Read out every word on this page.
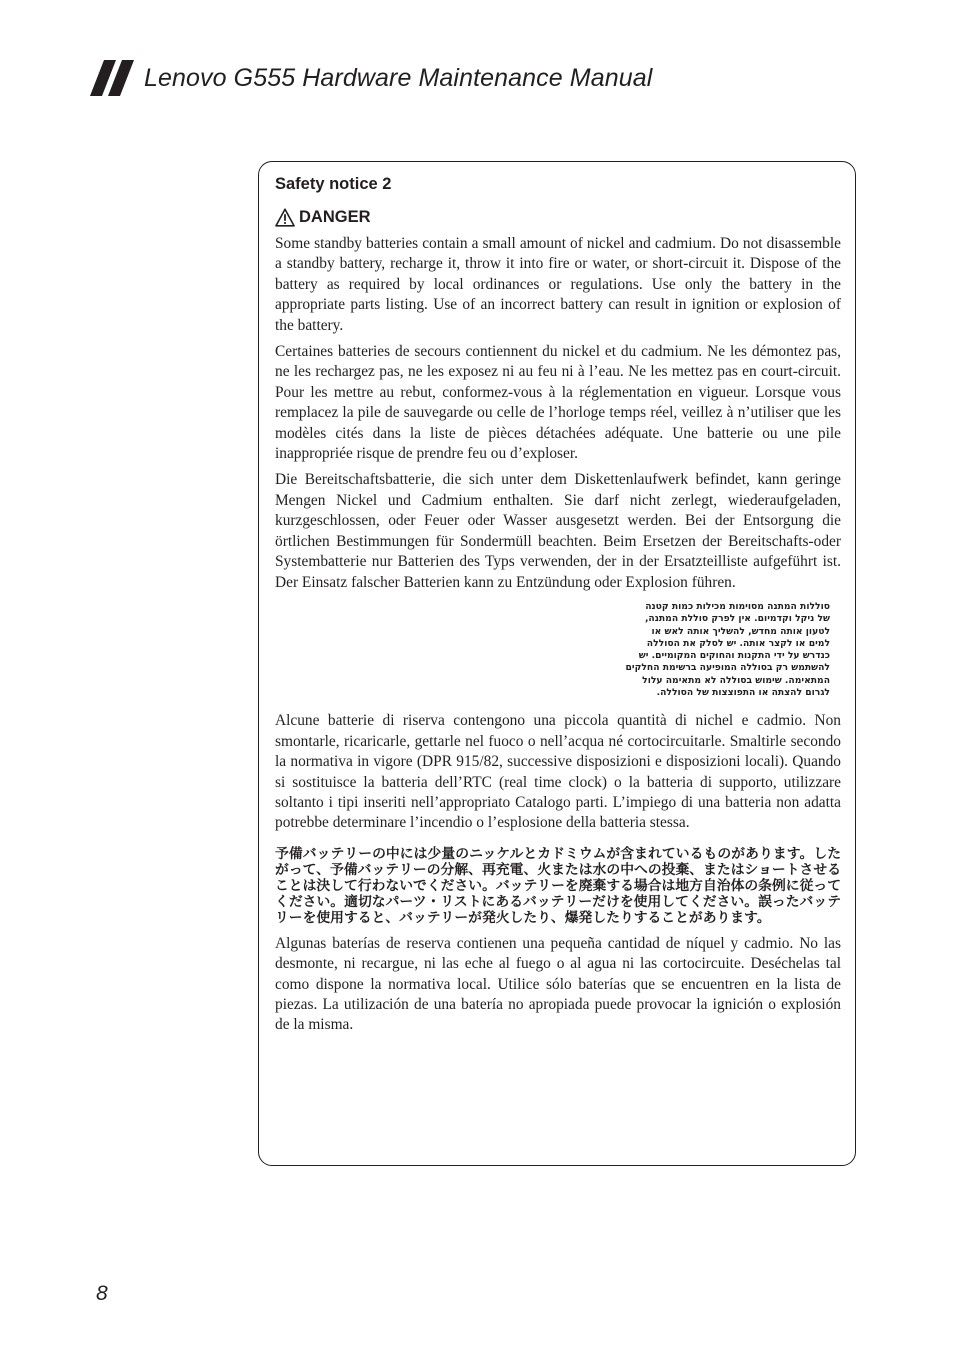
Lenovo G555 Hardware Maintenance Manual
Safety notice 2
DANGER

Some standby batteries contain a small amount of nickel and cadmium. Do not disassemble a standby battery, recharge it, throw it into fire or water, or short-circuit it. Dispose of the battery as required by local ordinances or regulations. Use only the battery in the appropriate parts listing. Use of an incorrect battery can result in ignition or explosion of the battery.

Certaines batteries de secours contiennent du nickel et du cadmium. Ne les démontez pas, ne les rechargez pas, ne les exposez ni au feu ni à l’eau. Ne les mettez pas en court-circuit. Pour les mettre au rebut, conformez-vous à la réglementation en vigueur. Lorsque vous remplacez la pile de sauvegarde ou celle de l’horloge temps réel, veillez à n’utiliser que les modèles cités dans la liste de pièces détachées adéquate. Une batterie ou une pile inappropriée risque de prendre feu ou d’exploser.

Die Bereitschaftsbatterie, die sich unter dem Diskettenlaufwerk befindet, kann geringe Mengen Nickel und Cadmium enthalten. Sie darf nicht zerlegt, wiederaufgeladen, kurzgeschlossen, oder Feuer oder Wasser ausgesetzt werden. Bei der Entsorgung die örtlichen Bestimmungen für Sondermüll beachten. Beim Ersetzen der Bereitschafts-oder Systembatterie nur Batterien des Typs verwenden, der in der Ersatzteilliste aufgeführt ist. Der Einsatz falscher Batterien kann zu Entzündung oder Explosion führen.

סוללות המתנה מסוימות מכילות כמות קטנה
של ניקל וקדמיום. אין לפרק סוללת המתנה,
לטעון אותה מחדש, להשליך אותה לאש או
למים או לקצר אותה. יש לסלק את הסוללה
כנדרש על ידי התקנות והחוקים המקומיים. יש
להשתמש רק בסוללה המופיעה ברשימת החלקים
המתאימה. שימוש בסוללה לא מתאימה עלול
לגרום להצתה או התפוצצות של הסוללה.

Alcune batterie di riserva contengono una piccola quantità di nichel e cadmio. Non smontarle, ricaricarle, gettarle nel fuoco o nell’acqua né cortocircuitarle. Smaltirle secondo la normativa in vigore (DPR 915/82, successive disposizioni e disposizioni locali). Quando si sostituisce la batteria dell’RTC (real time clock) o la batteria di supporto, utilizzare soltanto i tipi inseriti nell’appropriato Catalogo parti. L’impiego di una batteria non adatta potrebbe determinare l’incendio o l’esplosione della batteria stessa.

予備バッテリーの中には少量のニッケルとカドミウムが含まれているものがあります。したがって、予備バッテリーの分解、再充電、火または水の中への投棄、またはショートさせることは決して行わないでください。バッテリーを廃棄する場合は地方自治体の条例に従ってください。適切なパーツ・リストにあるバッテリーだけを使用してください。誤ったバッテリーを使用すると、バッテリーが発火したり、爆発したりすることがあります。

Algunas baterías de reserva contienen una pequeña cantidad de níquel y cadmio. No las desmonte, ni recargue, ni las eche al fuego o al agua ni las cortocircuite. Deséchelas tal como dispone la normativa local. Utilice sólo baterías que se encuentren en la lista de piezas. La utilización de una batería no apropiada puede provocar la ignición o explosión de la misma.

8
